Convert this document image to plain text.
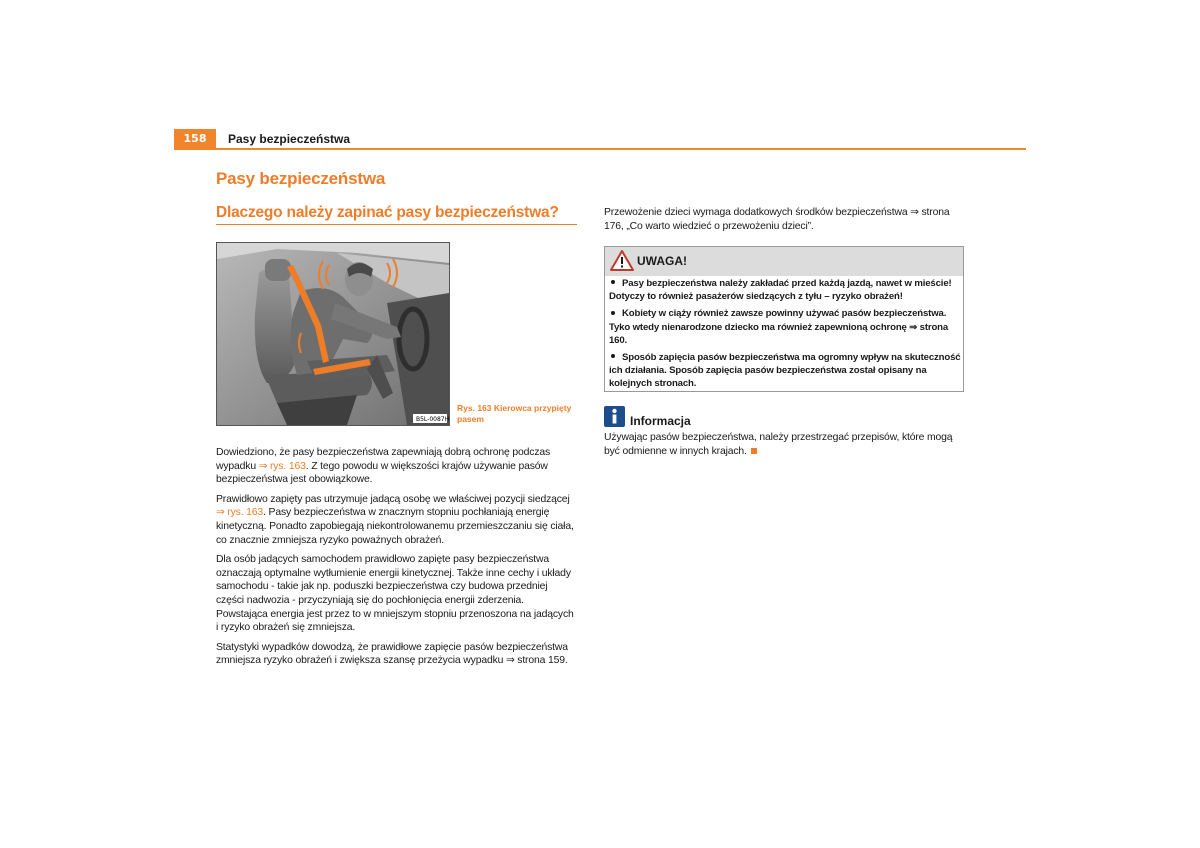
158	Pasy bezpieczeństwa
Pasy bezpieczeństwa
Dlaczego należy zapinać pasy bezpieczeństwa?
B5L-0087H
Rys. 163 Kierowca przypięty pasem

Dowiedziono, że pasy bezpieczeństwa zapewniają dobrą ochronę podczas wypadku ⇒ rys. 163. Z tego powodu w większości krajów używanie pasów bezpieczeństwa jest obowiązkowe.

Prawidłowo zapięty pas utrzymuje jadącą osobę we właściwej pozycji siedzącej ⇒ rys. 163. Pasy bezpieczeństwa w znacznym stopniu pochłaniają energię kinetyczną. Ponadto zapobiegają niekontrolowanemu przemieszczaniu się ciała, co znacznie zmniejsza ryzyko poważnych obrażeń.

Dla osób jadących samochodem prawidłowo zapięte pasy bezpieczeństwa oznaczają optymalne wytłumienie energii kinetycznej. Także inne cechy i układy samochodu - takie jak np. poduszki bezpieczeństwa czy budowa przedniej części nadwozia - przyczyniają się do pochłonięcia energii zderzenia. Powstająca energia jest przez to w mniejszym stopniu przenoszona na jadących i ryzyko obrażeń się zmniejsza.

Statystyki wypadków dowodzą, że prawidłowe zapięcie pasów bezpieczeństwa zmniejsza ryzyko obrażeń i zwiększa szansę przeżycia wypadku ⇒ strona 159.

Przewożenie dzieci wymaga dodatkowych środków bezpieczeństwa ⇒ strona 176, „Co warto wiedzieć o przewożeniu dzieci”.
UWAGA!
Pasy bezpieczeństwa należy zakładać przed każdą jazdą, nawet w mieście! Dotyczy to również pasażerów siedzących z tyłu – ryzyko obrażeń!
Kobiety w ciąży również zawsze powinny używać pasów bezpieczeństwa. Tyko wtedy nienarodzone dziecko ma również zapewnioną ochronę ⇒ strona 160.
Sposób zapięcia pasów bezpieczeństwa ma ogromny wpływ na skuteczność ich działania. Sposób zapięcia pasów bezpieczeństwa został opisany na kolejnych stronach.
Informacja
Używając pasów bezpieczeństwa, należy przestrzegać przepisów, które mogą być odmienne w innych krajach.
